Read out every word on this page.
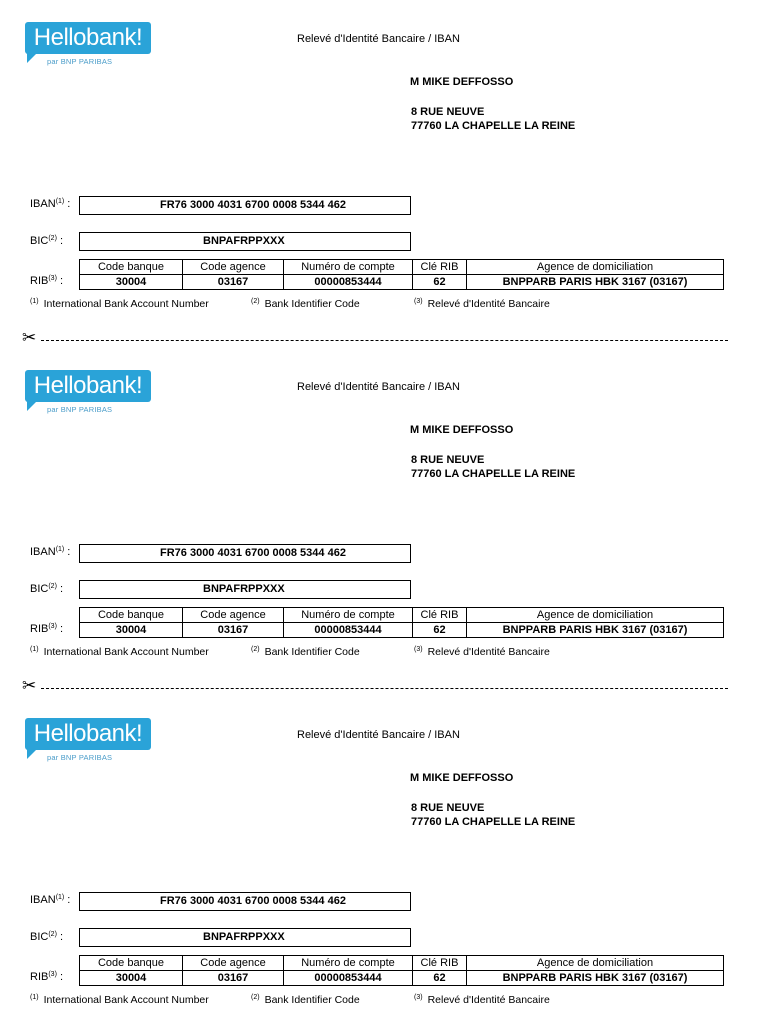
Hellobank!
par BNP PARIBAS
Relevé d'Identité Bancaire / IBAN
M MIKE DEFFOSSO
8 RUE NEUVE
77760 LA CHAPELLE LA REINE
IBAN$^{(1)}$ :	FR76 3000 4031 6700 0008 5344 462
BIC$^{(2)}$ :	BNPAFRPPXXX
RIB$^{(3)}$ :
Code banque	Code agence	Numéro de compte	Clé RIB	Agence de domiciliation
30004	03167	00000853444	62	BNPPARB PARIS HBK 3167 (03167)
$^{(1)}$ International Bank Account Number	$^{(2)}$ Bank Identifier Code	$^{(3)}$ Relevé d'Identité Bancaire
✂
Hellobank!
par BNP PARIBAS
Relevé d'Identité Bancaire / IBAN
M MIKE DEFFOSSO
8 RUE NEUVE
77760 LA CHAPELLE LA REINE
IBAN$^{(1)}$ :	FR76 3000 4031 6700 0008 5344 462
BIC$^{(2)}$ :	BNPAFRPPXXX
RIB$^{(3)}$ :
Code banque	Code agence	Numéro de compte	Clé RIB	Agence de domiciliation
30004	03167	00000853444	62	BNPPARB PARIS HBK 3167 (03167)
$^{(1)}$ International Bank Account Number	$^{(2)}$ Bank Identifier Code	$^{(3)}$ Relevé d'Identité Bancaire
✂
Hellobank!
par BNP PARIBAS
Relevé d'Identité Bancaire / IBAN
M MIKE DEFFOSSO
8 RUE NEUVE
77760 LA CHAPELLE LA REINE
IBAN$^{(1)}$ :	FR76 3000 4031 6700 0008 5344 462
BIC$^{(2)}$ :	BNPAFRPPXXX
RIB$^{(3)}$ :
Code banque	Code agence	Numéro de compte	Clé RIB	Agence de domiciliation
30004	03167	00000853444	62	BNPPARB PARIS HBK 3167 (03167)
$^{(1)}$ International Bank Account Number	$^{(2)}$ Bank Identifier Code	$^{(3)}$ Relevé d'Identité Bancaire
